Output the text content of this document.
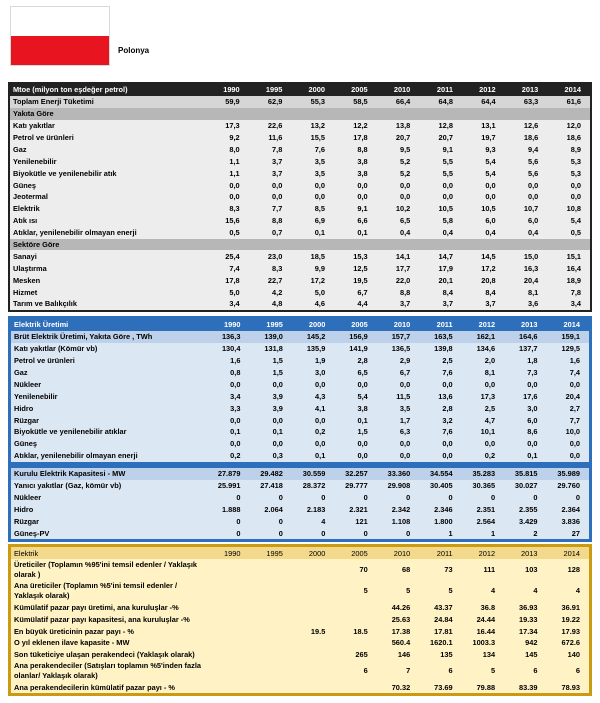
Polonya
Mtoe (milyon ton eşdeğer petrol)	1990	1995	2000	2005	2010	2011	2012	2013	2014
Toplam Enerji Tüketimi	59,9	62,9	55,3	58,5	66,4	64,8	64,4	63,3	61,6
Yakıta Göre									
Katı yakıtlar	17,3	22,6	13,2	12,2	13,8	12,8	13,1	12,6	12,0
Petrol ve ürünleri	9,2	11,6	15,5	17,8	20,7	20,7	19,7	18,6	18,6
Gaz	8,0	7,8	7,6	8,8	9,5	9,1	9,3	9,4	8,9
Yenilenebilir	1,1	3,7	3,5	3,8	5,2	5,5	5,4	5,6	5,3
Biyokütle ve yenilenebilir atık	1,1	3,7	3,5	3,8	5,2	5,5	5,4	5,6	5,3
Güneş	0,0	0,0	0,0	0,0	0,0	0,0	0,0	0,0	0,0
Jeotermal	0,0	0,0	0,0	0,0	0,0	0,0	0,0	0,0	0,0
Elektrik	8,3	7,7	8,5	9,1	10,2	10,5	10,5	10,7	10,8
Atık ısı	15,6	8,8	6,9	6,6	6,5	5,8	6,0	6,0	5,4
Atıklar, yenilenebilir olmayan enerji	0,5	0,7	0,1	0,1	0,4	0,4	0,4	0,4	0,5
Sektöre Göre									
Sanayi	25,4	23,0	18,5	15,3	14,1	14,7	14,5	15,0	15,1
Ulaştırma	7,4	8,3	9,9	12,5	17,7	17,9	17,2	16,3	16,4
Mesken	17,8	22,7	17,2	19,5	22,0	20,1	20,8	20,4	18,9
Hizmet	5,0	4,2	5,0	6,7	8,8	8,4	8,4	8,1	7,8
Tarım ve Balıkçılık	3,4	4,8	4,6	4,4	3,7	3,7	3,7	3,6	3,4
Elektrik Üretimi	1990	1995	2000	2005	2010	2011	2012	2013	2014
Brüt Elektrik Üretimi, Yakıta Göre , TWh	136,3	139,0	145,2	156,9	157,7	163,5	162,1	164,6	159,1
Katı yakıtlar (Kömür vb)	130,4	131,8	135,9	141,9	136,5	139,8	134,6	137,7	129,5
Petrol ve ürünleri	1,6	1,5	1,9	2,8	2,9	2,5	2,0	1,8	1,6
Gaz	0,8	1,5	3,0	6,5	6,7	7,6	8,1	7,3	7,4
Nükleer	0,0	0,0	0,0	0,0	0,0	0,0	0,0	0,0	0,0
Yenilenebilir	3,4	3,9	4,3	5,4	11,5	13,6	17,3	17,6	20,4
Hidro	3,3	3,9	4,1	3,8	3,5	2,8	2,5	3,0	2,7
Rüzgar	0,0	0,0	0,0	0,1	1,7	3,2	4,7	6,0	7,7
Biyokütle ve yenilenebilir atıklar	0,1	0,1	0,2	1,5	6,3	7,6	10,1	8,6	10,0
Güneş	0,0	0,0	0,0	0,0	0,0	0,0	0,0	0,0	0,0
Atıklar, yenilenebilir olmayan enerji	0,2	0,3	0,1	0,0	0,0	0,0	0,2	0,1	0,0

Kurulu Elektrik Kapasitesi - MW	27.879	29.482	30.559	32.257	33.360	34.554	35.283	35.815	35.989
Yanıcı yakıtlar (Gaz, kömür vb)	25.991	27.418	28.372	29.777	29.908	30.405	30.365	30.027	29.760
Nükleer	0	0	0	0	0	0	0	0	0
Hidro	1.888	2.064	2.183	2.321	2.342	2.346	2.351	2.355	2.364
Rüzgar	0	0	4	121	1.108	1.800	2.564	3.429	3.836
Güneş-PV	0	0	0	0	0	1	1	2	27
Elektrik	1990	1995	2000	2005	2010	2011	2012	2013	2014
Üreticiler (Toplamın %95'ini temsil edenler / Yaklaşık olarak )				70	68	73	111	103	128
Ana üreticiler (Toplamın %5'ini temsil edenler / Yaklaşık olarak)				5	5	5	4	4	4
Kümülatif pazar payı üretimi, ana kuruluşlar -%					44.26	43.37	36.8	36.93	36.91
Kümülatif pazar payı kapasitesi, ana kuruluşlar -%					25.63	24.84	24.44	19.33	19.22
En büyük üreticinin pazar payı - %			19.5	18.5	17.38	17.81	16.44	17.34	17.93
O yıl eklenen ilave kapasite - MW					560.4	1620.1	1003.3	942	672.6
Son tüketiciye ulaşan perakendeci (Yaklaşık olarak)				265	146	135	134	145	140
Ana perakendeciler (Satışları toplamın %5'inden fazla olanlar/ Yaklaşık olarak)				6	7	6	5	6	6
Ana perakendecilerin kümülatif pazar payı - %					70.32	73.69	79.88	83.39	78.93
